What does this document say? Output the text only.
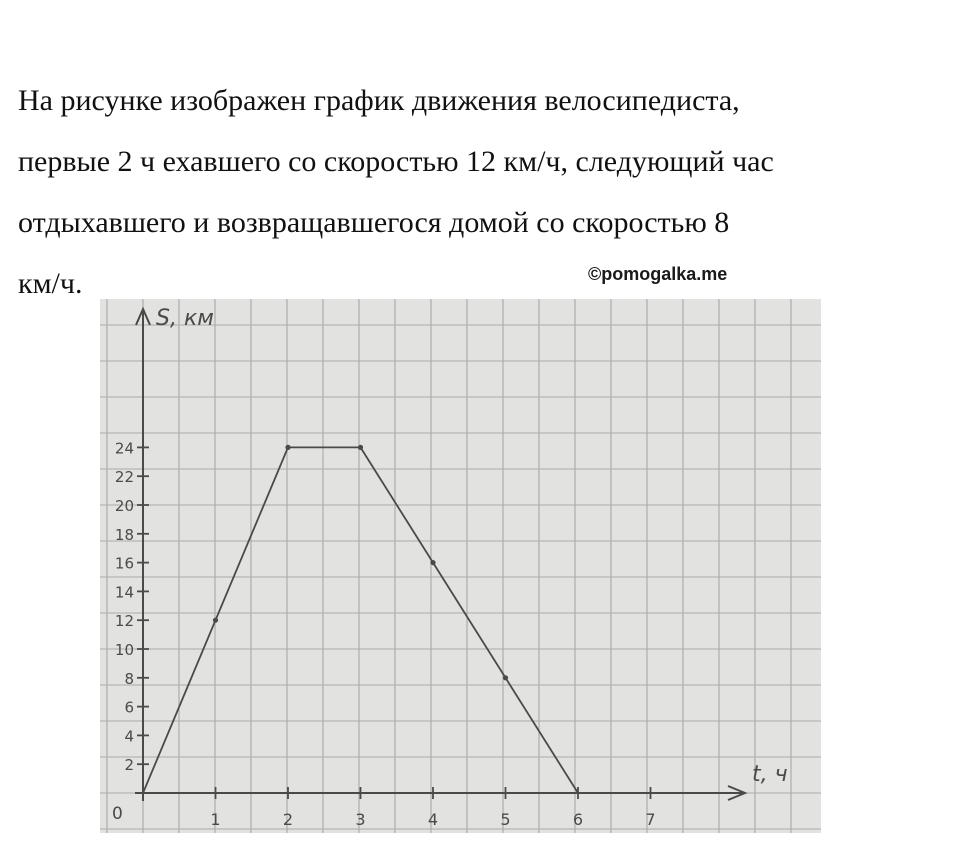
На рисунке изображен график движения велосипедиста,
первые 2 ч ехавшего со скоростью 12 км/ч, следующий час
отдыхавшего и возвращавшегося домой со скоростью 8
км/ч.	©pomogalka.me
1	2	3	4	5	6	7
2
4
6
8
10
12
14
16
18
20
22
24
S, км
t, ч
0
